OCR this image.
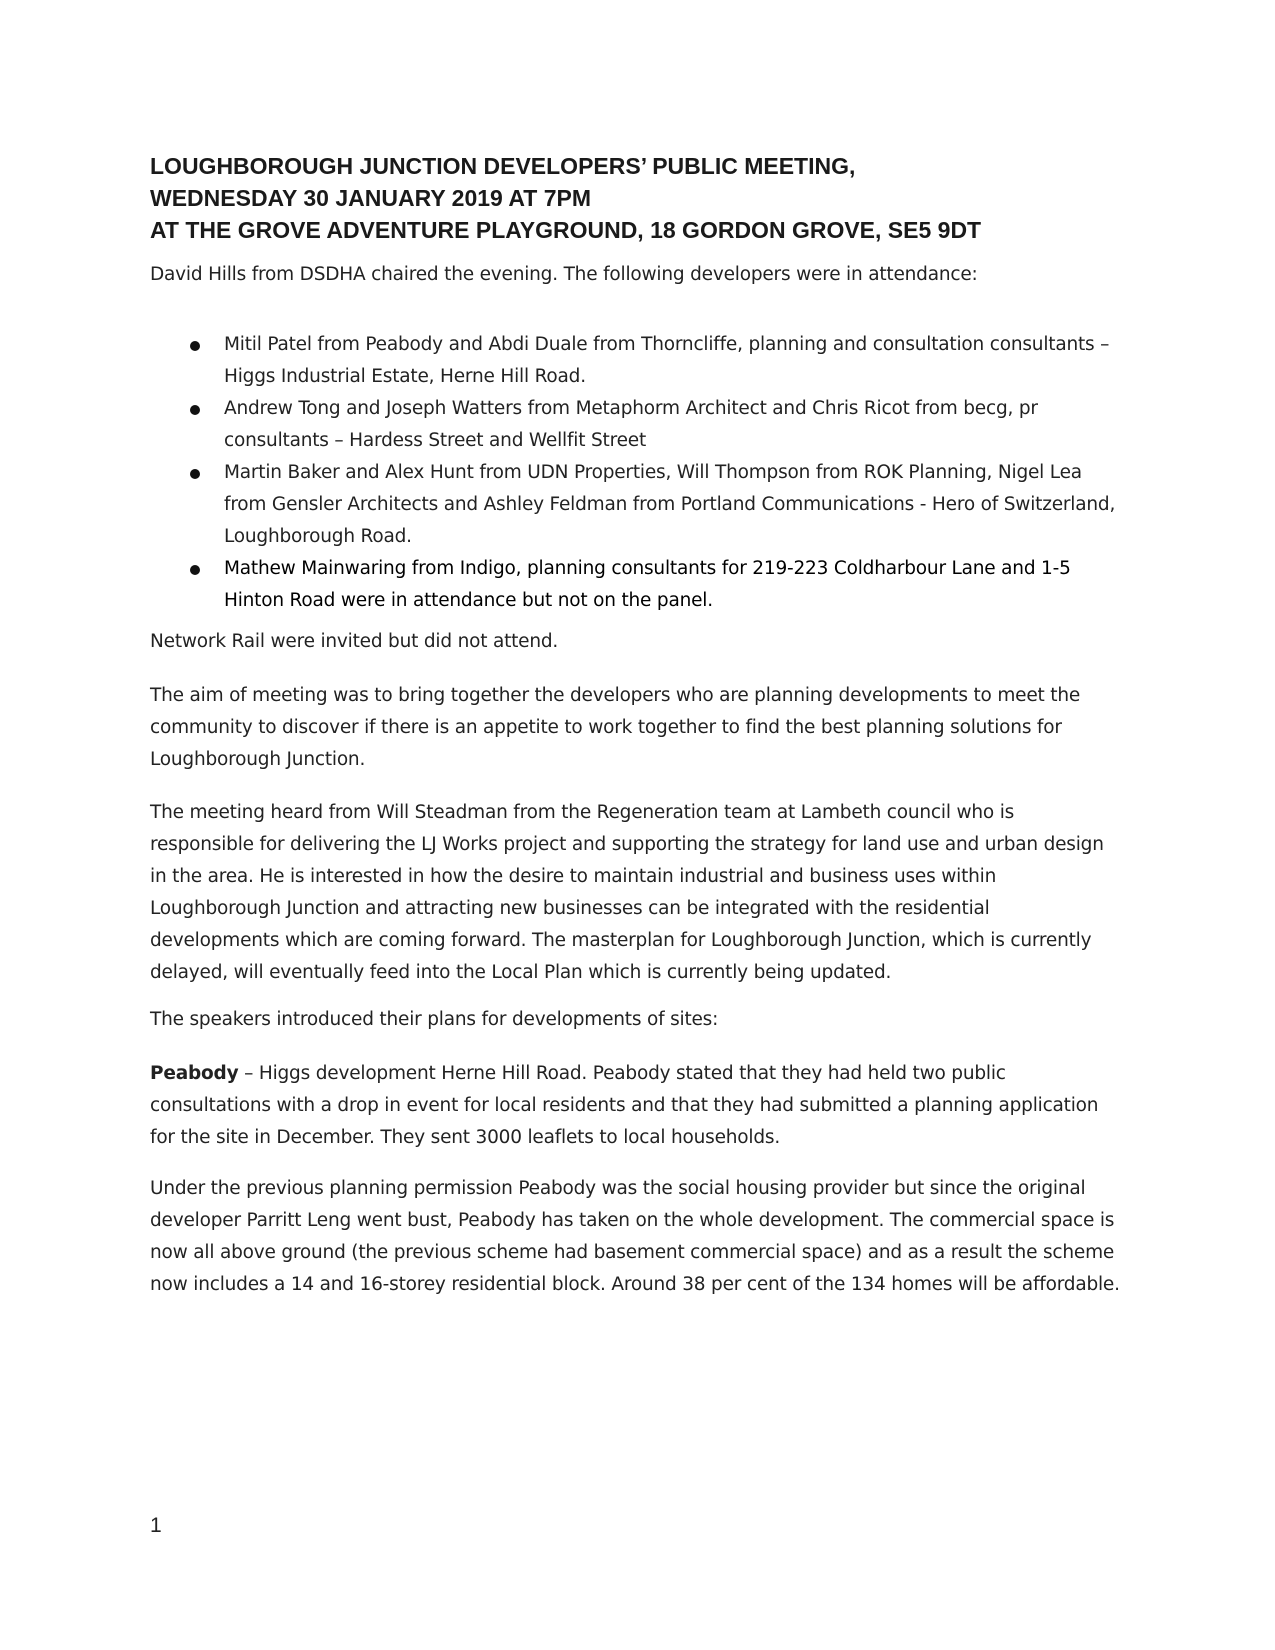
LOUGHBOROUGH JUNCTION DEVELOPERS’ PUBLIC MEETING,
WEDNESDAY 30 JANUARY 2019 AT 7PM
AT THE GROVE ADVENTURE PLAYGROUND, 18 GORDON GROVE, SE5 9DT

David Hills from DSDHA chaired the evening. The following developers were in attendance:

Mitil Patel from Peabody and Abdi Duale from Thorncliffe, planning and consultation consultants – Higgs Industrial Estate, Herne Hill Road.
Andrew Tong and Joseph Watters from Metaphorm Architect and Chris Ricot from becg, pr consultants – Hardess Street and Wellfit Street
Martin Baker and Alex Hunt from UDN Properties, Will Thompson from ROK Planning, Nigel Lea from Gensler Architects and Ashley Feldman from Portland Communications - Hero of Switzerland, Loughborough Road.
Mathew Mainwaring from Indigo, planning consultants for 219-223 Coldharbour Lane and 1-5 Hinton Road were in attendance but not on the panel.

Network Rail were invited but did not attend.

The aim of meeting was to bring together the developers who are planning developments to meet the community to discover if there is an appetite to work together to find the best planning solutions for Loughborough Junction.

The meeting heard from Will Steadman from the Regeneration team at Lambeth council who is responsible for delivering the LJ Works project and supporting the strategy for land use and urban design in the area. He is interested in how the desire to maintain industrial and business uses within Loughborough Junction and attracting new businesses can be integrated with the residential developments which are coming forward. The masterplan for Loughborough Junction, which is currently delayed, will eventually feed into the Local Plan which is currently being updated.

The speakers introduced their plans for developments of sites:

Peabody – Higgs development Herne Hill Road. Peabody stated that they had held two public consultations with a drop in event for local residents and that they had submitted a planning application for the site in December. They sent 3000 leaflets to local households.

Under the previous planning permission Peabody was the social housing provider but since the original developer Parritt Leng went bust, Peabody has taken on the whole development. The commercial space is now all above ground (the previous scheme had basement commercial space) and as a result the scheme now includes a 14 and 16-storey residential block. Around 38 per cent of the 134 homes will be affordable.

1
